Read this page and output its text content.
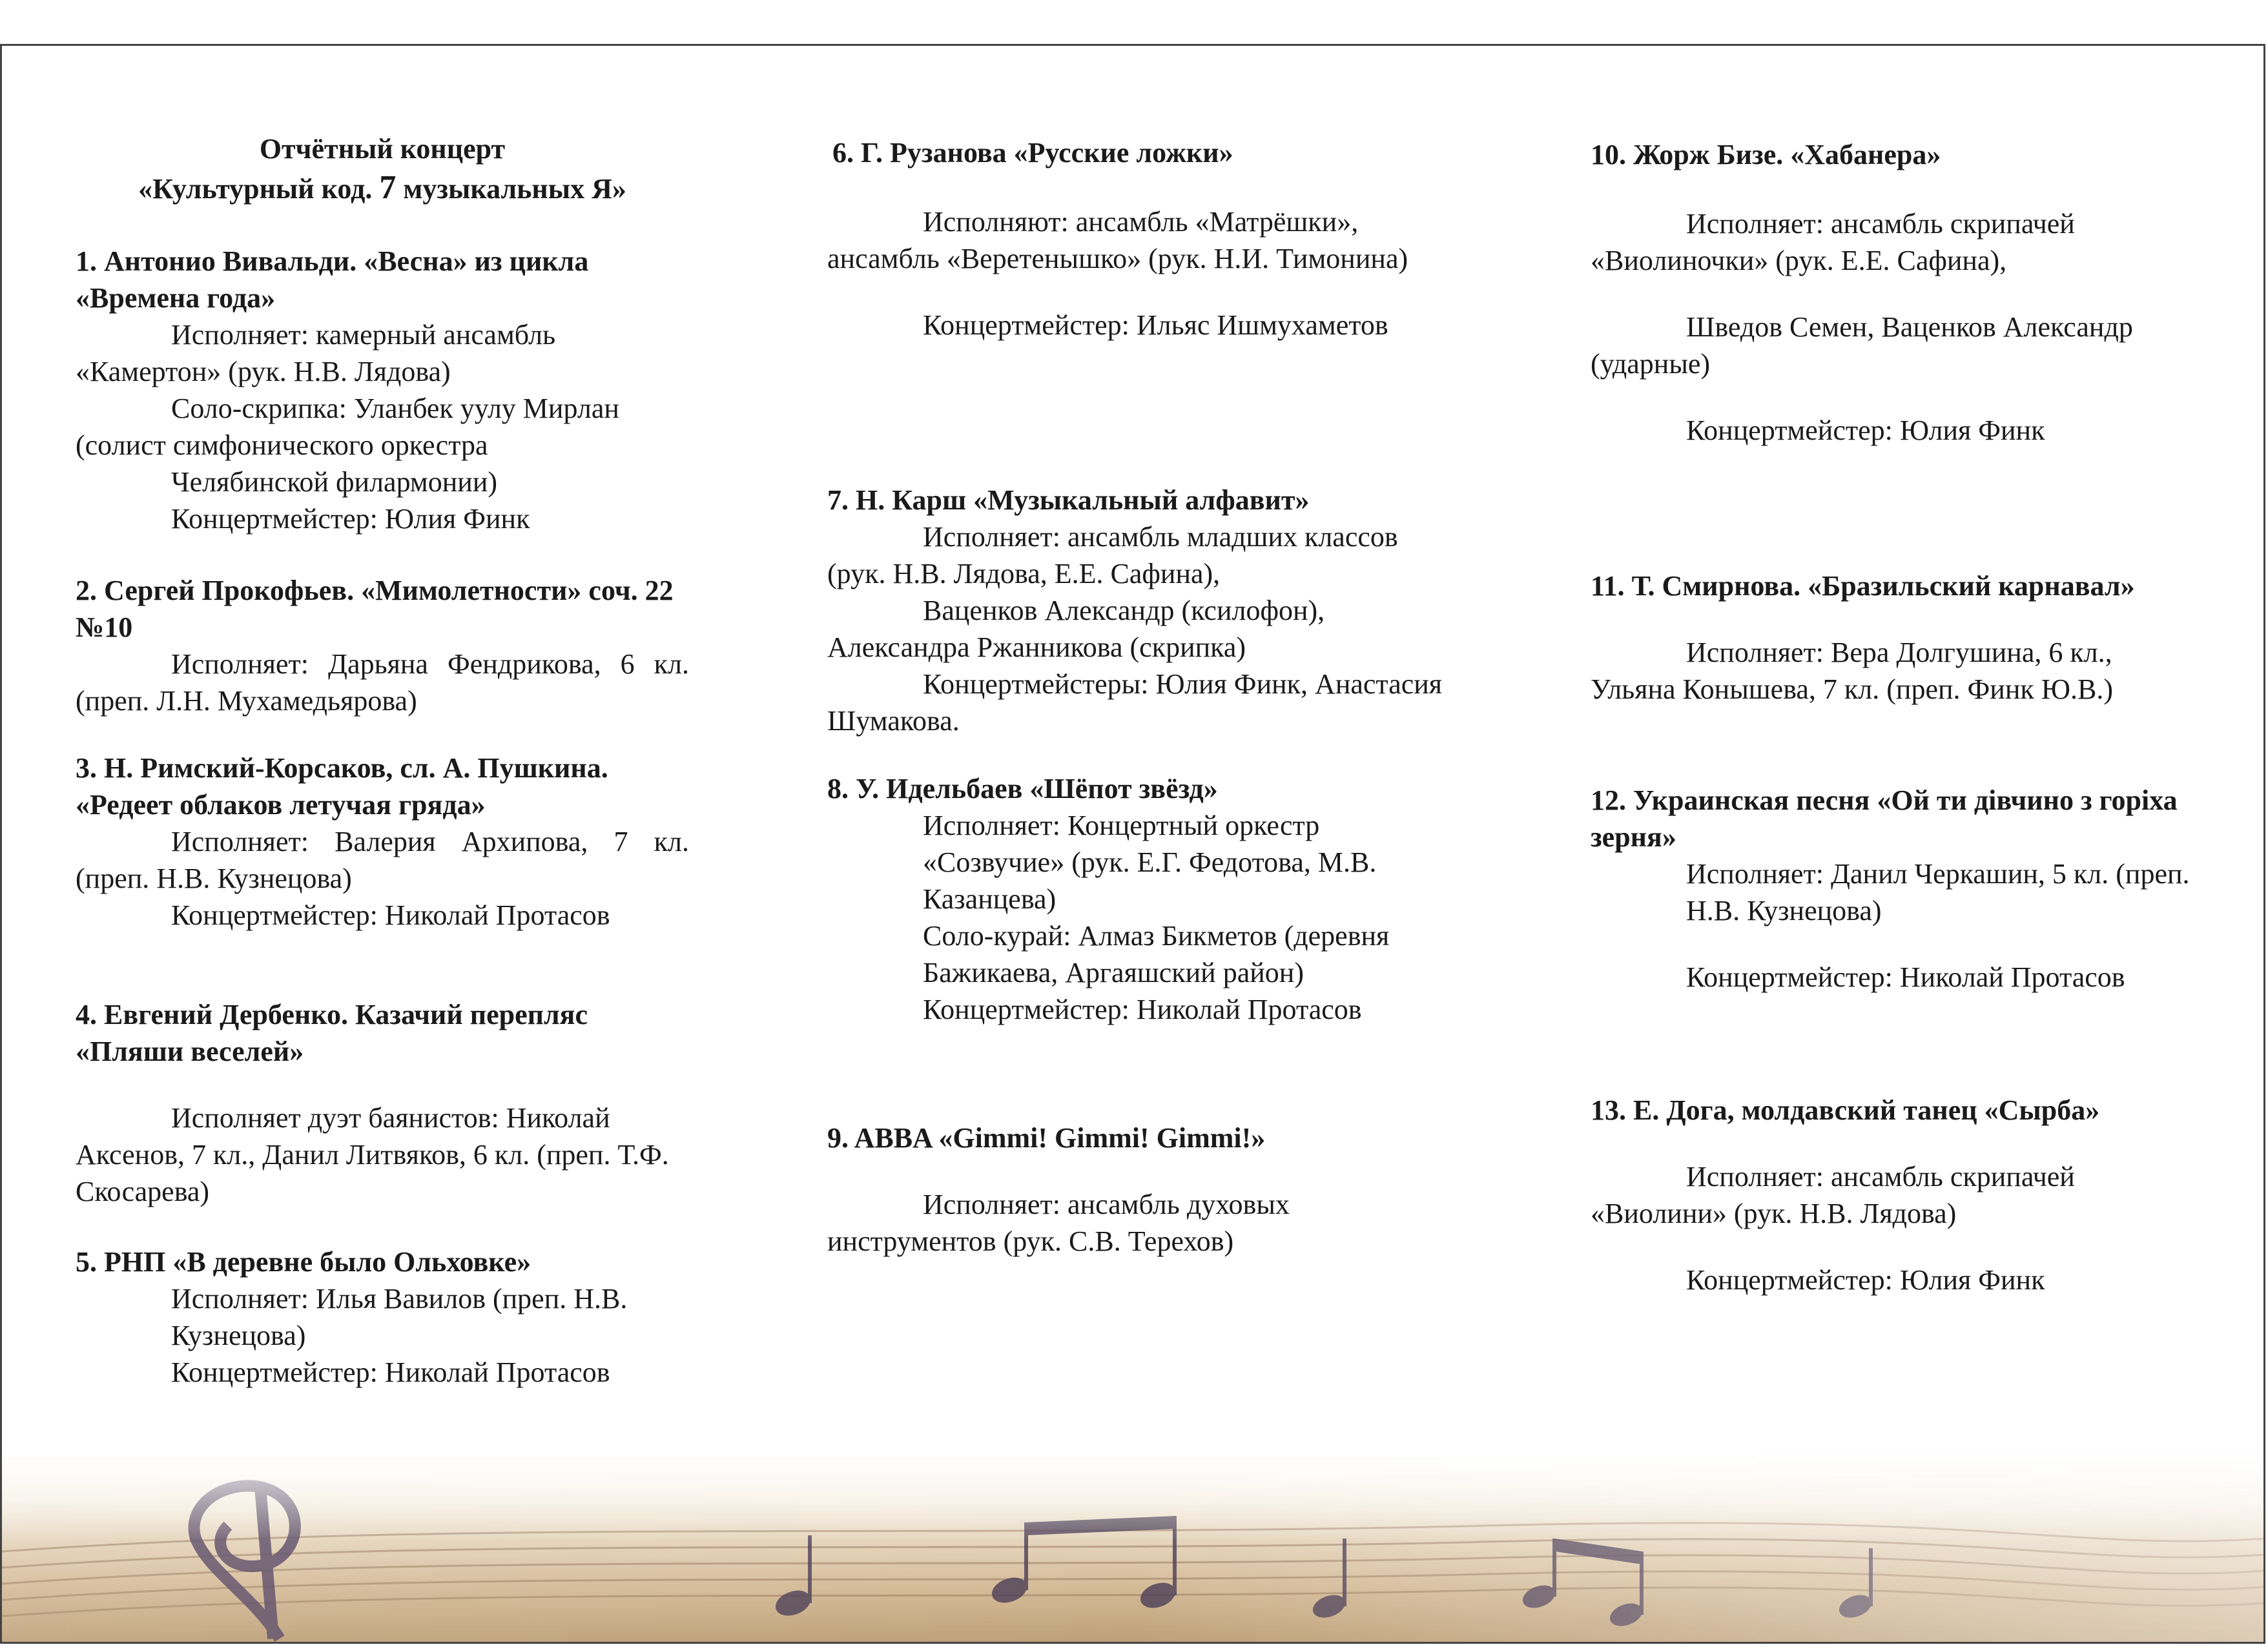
Отчётный концерт
«Культурный код. 7 музыкальных Я»
1. Антонио Вивальди. «Весна» из цикла «Времена года»
Исполняет: камерный ансамбль «Камертон» (рук. Н.В. Лядова)
Соло-скрипка: Уланбек уулу Мирлан (солист симфонического оркестра
Челябинской филармонии)
Концертмейстер: Юлия Финк
2. Сергей Прокофьев. «Мимолетности» соч. 22 №10
Исполняет: Дарьяна Фендрикова, 6 кл. (преп. Л.Н. Мухамедьярова)
3. Н. Римский-Корсаков, сл. А. Пушкина. «Редеет облаков летучая гряда»
Исполняет: Валерия Архипова, 7 кл. (преп. Н.В. Кузнецова)
Концертмейстер: Николай Протасов
4. Евгений Дербенко. Казачий перепляс «Пляши веселей»
Исполняет дуэт баянистов: Николай Аксенов, 7 кл., Данил Литвяков, 6 кл. (преп. Т.Ф. Скосарева)
5. РНП «В деревне было Ольховке»
Исполняет: Илья Вавилов (преп. Н.В. Кузнецова)
Концертмейстер: Николай Протасов
6. Г. Рузанова «Русские ложки»
Исполняют: ансамбль «Матрёшки», ансамбль «Веретенышко» (рук. Н.И. Тимонина)
Концертмейстер: Ильяс Ишмухаметов
7. Н. Карш «Музыкальный алфавит»
Исполняет: ансамбль младших классов (рук. Н.В. Лядова, Е.Е. Сафина),
Ваценков Александр (ксилофон), Александра Ржанникова (скрипка)
Концертмейстеры: Юлия Финк, Анастасия Шумакова.
8. У. Идельбаев «Шёпот звёзд»
Исполняет: Концертный оркестр «Созвучие» (рук. Е.Г. Федотова, М.В. Казанцева)
Соло-курай: Алмаз Бикметов (деревня Бажикаева, Аргаяшский район)
Концертмейстер: Николай Протасов
9. ABBA «Gimmi! Gimmi! Gimmi!»
Исполняет: ансамбль духовых инструментов (рук. С.В. Терехов)
10. Жорж Бизе. «Хабанера»
Исполняет: ансамбль скрипачей «Виолиночки» (рук. Е.Е. Сафина),
Шведов Семен, Ваценков Александр (ударные)
Концертмейстер: Юлия Финк
11. Т. Смирнова. «Бразильский карнавал»
Исполняет: Вера Долгушина, 6 кл., Ульяна Конышева, 7 кл. (преп. Финк Ю.В.)
12. Украинская песня «Ой ти дівчино з горіха зерня»
Исполняет: Данил Черкашин, 5 кл. (преп. Н.В. Кузнецова)
Концертмейстер: Николай Протасов
13. Е. Дога, молдавский танец «Сырба»
Исполняет: ансамбль скрипачей «Виолини» (рук. Н.В. Лядова)
Концертмейстер: Юлия Финк
